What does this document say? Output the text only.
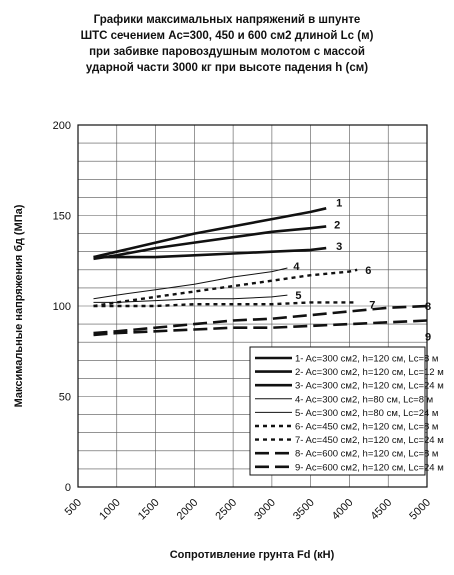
Графики максимальных напряжений в шпунте
ШТС сечением Ac=300, 450 и 600 см2 длиной Lc (м)
при забивке паровоздушным молотом с массой
ударной части 3000 кг при высоте падения h (см)
0
50
100
150
200
500 1000 1500 2000 2500 3000 3500 4000 4500 5000
1
2
3
4
5
6
7	8
9
1- Ac=300 см2, h=120 см, Lc=8 м
2- Ac=300 см2, h=120 см, Lc=12 м
3- Ac=300 см2, h=120 см, Lc=24 м
4- Ac=300 см2, h=80 см, Lc=8 м
5- Ac=300 см2, h=80 см, Lc=24 м
6- Ac=450 см2, h=120 см, Lc=8 м
7- Ac=450 см2, h=120 см, Lc=24 м
8- Ac=600 см2, h=120 см, Lc=8 м
9- Ac=600 см2, h=120 см, Lc=24 м
Максимальные напряжения бд (МПа)
Сопротивление грунта Fd (кН)
